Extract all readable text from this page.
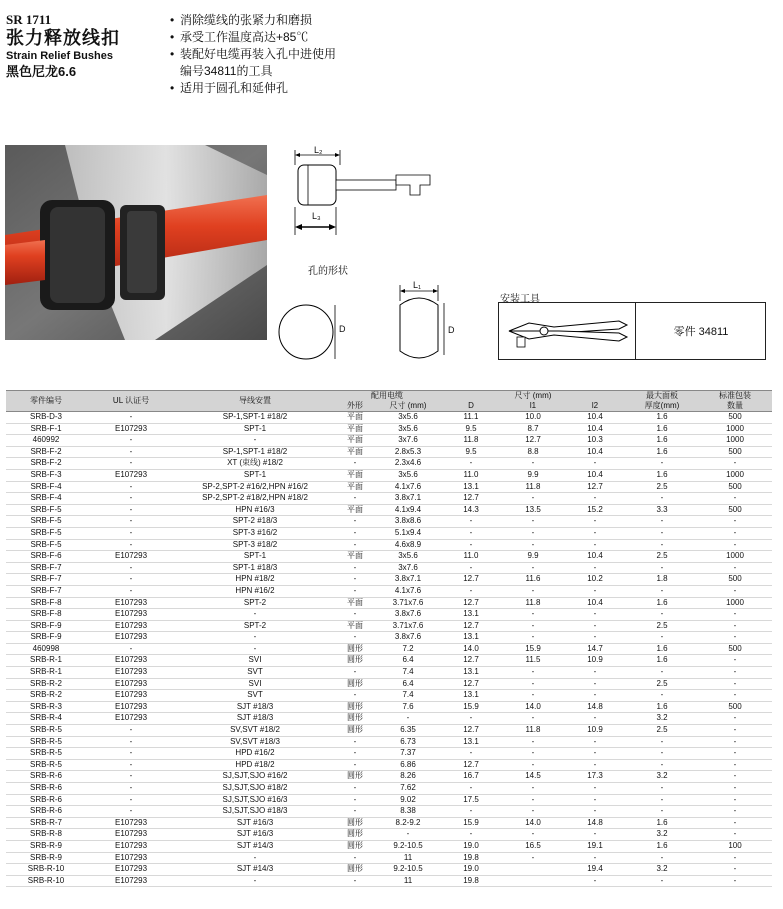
SR 1711
张力释放线扣
Strain Relief Bushes
黑色尼龙6.6
• 消除缆线的张紧力和磨损
• 承受工作温度高达+85℃
• 装配好电缆再装入孔中进使用
编号34811的工具
• 适用于圆孔和延伸孔
L₂
L₃
孔的形状
D
L₁
D
安装工具
零件 34811
零件编号	UL 认证号	导线安置	配用电缆		尺寸 (mm)			最大面板	标准包装
			外形	尺寸 (mm)	D	l1	l2	厚度(mm)	数量
SRB-D-3	-	SP-1,SPT-1 #18/2	平面	3x5.6	11.1	10.0	10.4	1.6	500
SRB-F-1	E107293	SPT-1	平面	3x5.6	9.5	8.7	10.4	1.6	1000
460992	-	-	平面	3x7.6	11.8	12.7	10.3	1.6	1000
SRB-F-2	-	SP-1,SPT-1 #18/2	平面	2.8x5.3	9.5	8.8	10.4	1.6	500
SRB-F-2	-	XT (束线) #18/2	-	2.3x4.6	-	-	-	-	-
SRB-F-3	E107293	SPT-1	平面	3x5.6	11.0	9.9	10.4	1.6	1000
SRB-F-4	-	SP-2,SPT-2 #16/2,HPN #16/2	平面	4.1x7.6	13.1	11.8	12.7	2.5	500
SRB-F-4	-	SP-2,SPT-2 #18/2,HPN #18/2	-	3.8x7.1	12.7	-	-	-	-
SRB-F-5	-	HPN #16/3	平面	4.1x9.4	14.3	13.5	15.2	3.3	500
SRB-F-5	-	SPT-2 #18/3	-	3.8x8.6	-	-	-	-	-
SRB-F-5	-	SPT-3 #16/2	-	5.1x9.4	-	-	-	-	-
SRB-F-5	-	SPT-3 #18/2	-	4.6x8.9	-	-	-	-	-
SRB-F-6	E107293	SPT-1	平面	3x5.6	11.0	9.9	10.4	2.5	1000
SRB-F-7	-	SPT-1 #18/3	-	3x7.6	-	-	-	-	-
SRB-F-7	-	HPN #18/2	-	3.8x7.1	12.7	11.6	10.2	1.8	500
SRB-F-7	-	HPN #16/2	-	4.1x7.6	-	-	-	-	-
SRB-F-8	E107293	SPT-2	平面	3.71x7.6	12.7	11.8	10.4	1.6	1000
SRB-F-8	E107293	-	-	3.8x7.6	13.1	-	-	-	-
SRB-F-9	E107293	SPT-2	平面	3.71x7.6	12.7	-	-	2.5	-
SRB-F-9	E107293	-	-	3.8x7.6	13.1	-	-	-	-
460998	-	-	圆形	7.2	14.0	15.9	14.7	1.6	500
SRB-R-1	E107293	SVI	圆形	6.4	12.7	11.5	10.9	1.6	-
SRB-R-1	E107293	SVT	-	7.4	13.1	-	-	-	-
SRB-R-2	E107293	SVI	圆形	6.4	12.7	-	-	2.5	-
SRB-R-2	E107293	SVT	-	7.4	13.1	-	-	-	-
SRB-R-3	E107293	SJT #18/3	圆形	7.6	15.9	14.0	14.8	1.6	500
SRB-R-4	E107293	SJT #18/3	圆形	-	-	-	-	3.2	-
SRB-R-5	-	SV,SVT #18/2	圆形	6.35	12.7	11.8	10.9	2.5	-
SRB-R-5	-	SV,SVT #18/3	-	6.73	13.1	-	-	-	-
SRB-R-5	-	HPD #16/2	-	7.37	-	-	-	-	-
SRB-R-5	-	HPD #18/2	-	6.86	12.7	-	-	-	-
SRB-R-6	-	SJ,SJT,SJO #16/2	圆形	8.26	16.7	14.5	17.3	3.2	-
SRB-R-6	-	SJ,SJT,SJO #18/2	-	7.62	-	-	-	-	-
SRB-R-6	-	SJ,SJT,SJO #16/3	-	9.02	17.5	-	-	-	-
SRB-R-6	-	SJ,SJT,SJO #18/3	-	8.38	-	-	-	-	-
SRB-R-7	E107293	SJT #16/3	圆形	8.2-9.2	15.9	14.0	14.8	1.6	-
SRB-R-8	E107293	SJT #16/3	圆形	-	-	-	-	3.2	-
SRB-R-9	E107293	SJT #14/3	圆形	9.2-10.5	19.0	16.5	19.1	1.6	100
SRB-R-9	E107293	-	-	11	19.8	-	-	-	-
SRB-R-10	E107293	SJT #14/3	圆形	9.2-10.5	19.0		19.4	3.2	-
SRB-R-10	E107293	-	-	11	19.8		-	-	-
